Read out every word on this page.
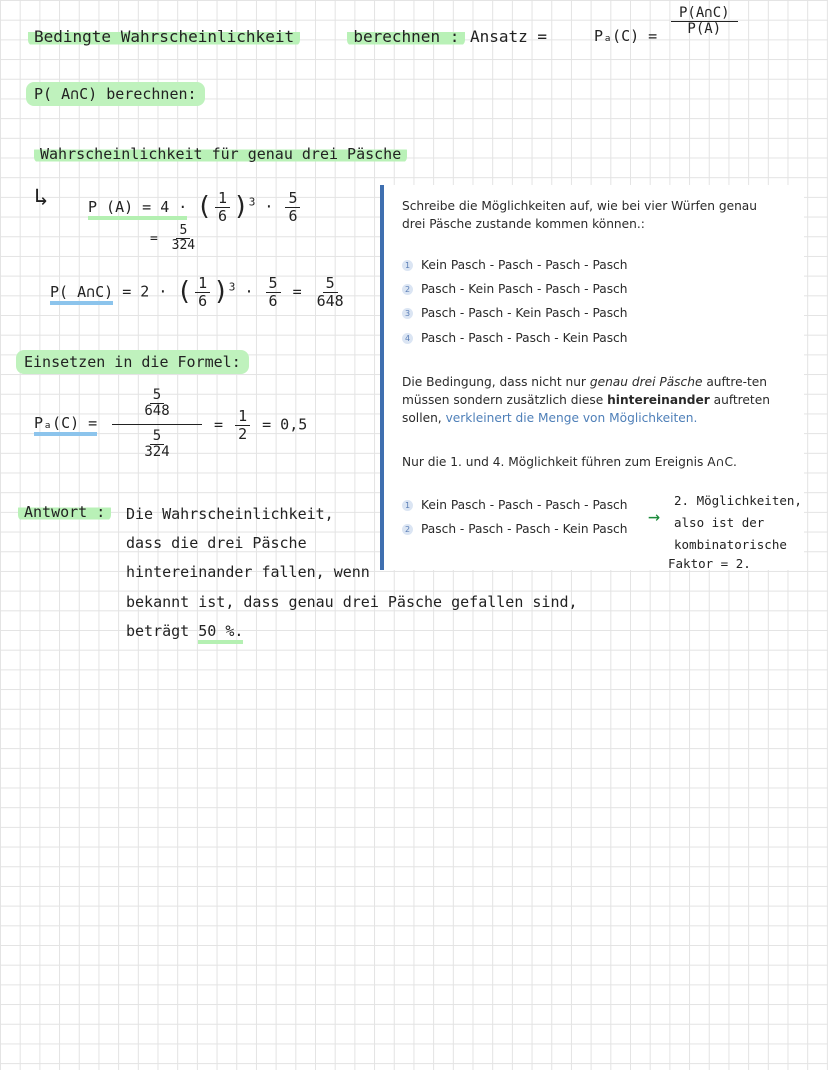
Bedingte Wahrscheinlichkeit	berechnen : Ansatz =	$P_a(C) = \frac{P(A\cap C)}{P(A)}$
P( A∩C) berechnen:
Wahrscheinlichkeit für genau drei Päsche
↳	P (A) = 4 · ( $\frac{1}{6} )^3 \cdot \frac{5}{6}$
= $\frac{5}{324}$
P( A∩C) = 2 · ( $\frac{1}{6} )^3 \cdot \frac{5}{6} = \frac{5}{648}$
Einsetzen in die Formel:
Pₐ(C) =
$\frac{5}{648}$
$\frac{5}{324}$
= $\frac{1}{2} = 0,5$
Antwort :	Die Wahrscheinlichkeit,
dass die drei Päsche
hintereinander fallen, wenn
bekannt ist, dass genau drei Päsche gefallen sind,
beträgt 50 %.
Schreibe die Möglichkeiten auf, wie bei vier Würfen genau drei Päsche zustande kommen können.:
1 Kein Pasch - Pasch - Pasch - Pasch
2 Pasch - Kein Pasch - Pasch - Pasch
3 Pasch - Pasch - Kein Pasch - Pasch
4 Pasch - Pasch - Pasch - Kein Pasch
Die Bedingung, dass nicht nur genau drei Päsche auftre-ten müssen sondern zusätzlich diese hintereinander auftreten sollen, verkleinert die Menge von Möglichkeiten.
Nur die 1. und 4. Möglichkeit führen zum Ereignis A∩C.
1 Kein Pasch - Pasch - Pasch - Pasch
2 Pasch - Pasch - Pasch - Kein Pasch
→
2. Möglichkeiten,
also ist der
kombinatorische
Faktor = 2.
